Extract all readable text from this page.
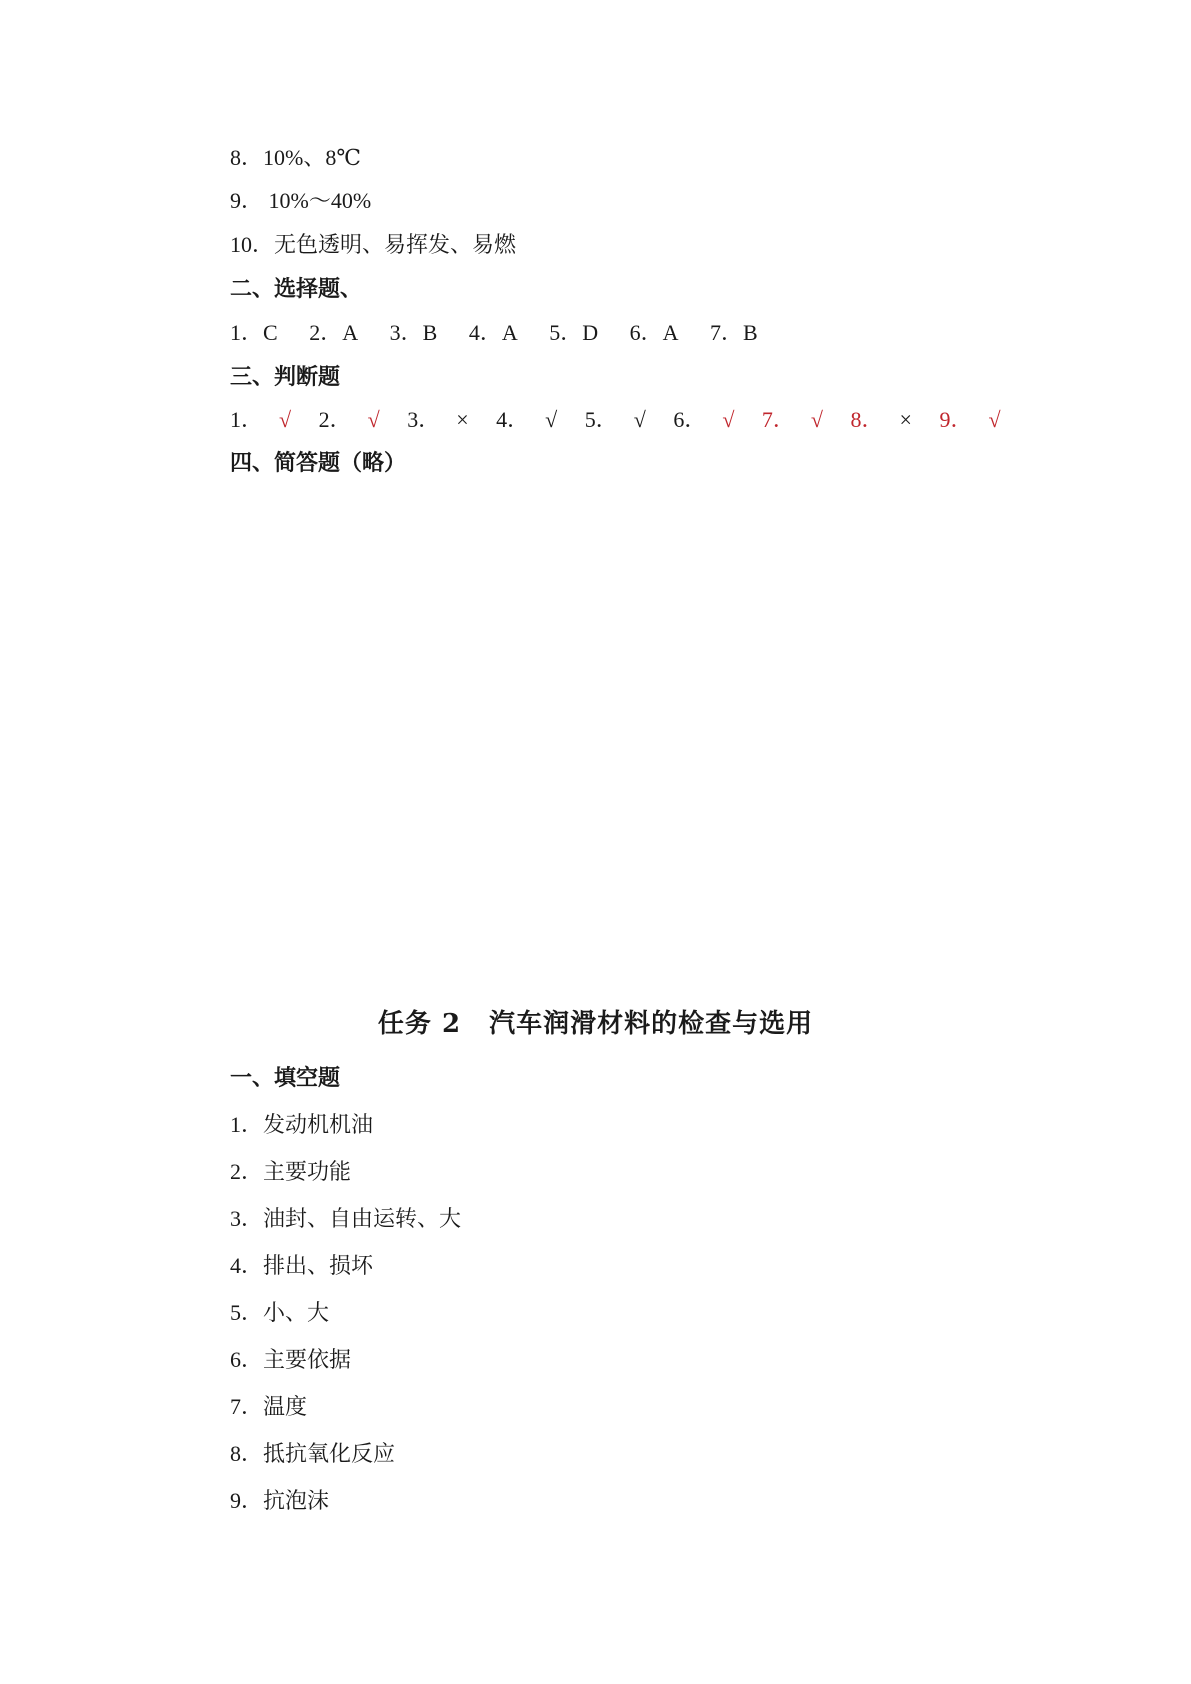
8．10%、8℃
9． 10%～40%
10．无色透明、易挥发、易燃
二、选择题、
1．C 2．A 3．B 4．A 5．D 6．A 7．B
三、判断题
1． √ 2． √ 3． × 4． √ 5． √ 6． √ 7． √ 8． × 9． √
四、简答题（略）
任务 2 汽车润滑材料的检查与选用
一、填空题
1．发动机机油
2．主要功能
3．油封、自由运转、大
4．排出、损坏
5．小、大
6．主要依据
7．温度
8．抵抗氧化反应
9．抗泡沫
